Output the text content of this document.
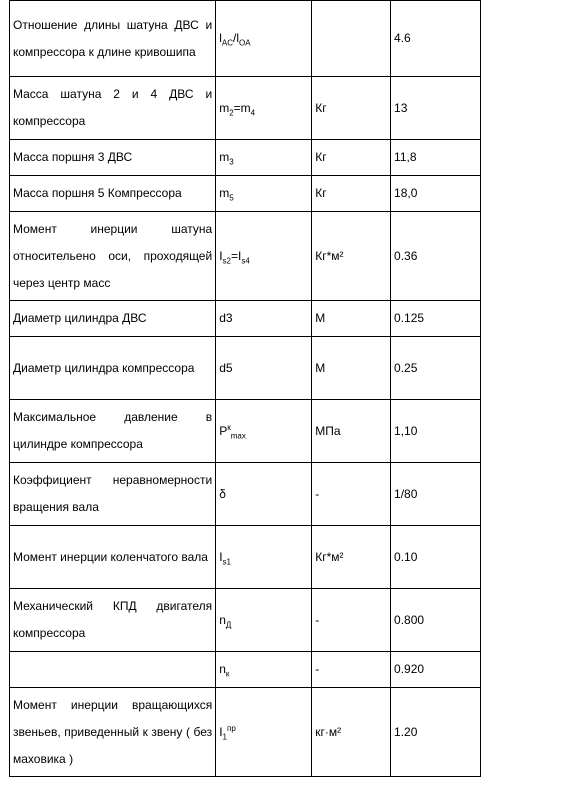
Отношение длины шатуна ДВС и компрессора к длине кривошипа	$l_{AC}/l_{OA}$		4.6
Масса шатуна 2 и 4 ДВС и компрессора	$m_2=m_4$	Кг	13
Масса поршня 3 ДВС	$m_3$	Кг	11,8
Масса поршня 5 Компрессора	$m_5$	Кг	18,0
Момент инерции шатуна относительено оси, проходящей через центр масс	$I_{s2}=I_{s4}$	Кг*м²	0.36
Диаметр цилиндра ДВС	d3	М	0.125
Диаметр цилиндра компрессора	d5	М	0.25
Максимальное давление в цилиндре компрессора	$P^к_{max}$	МПа	1,10
Коэффициент неравномерности вращения вала	δ	-	1/80
Момент инерции коленчатого вала	$I_{s1}$	Кг*м²	0.10
Механический КПД двигателя компрессора	$n_Д$	-	0.800
	$n_к$	-	0.920
Момент инерции вращающихся звеньев, приведенный к звену ( без маховика )	$I_1^{пр}$	кг·м²	1.20
